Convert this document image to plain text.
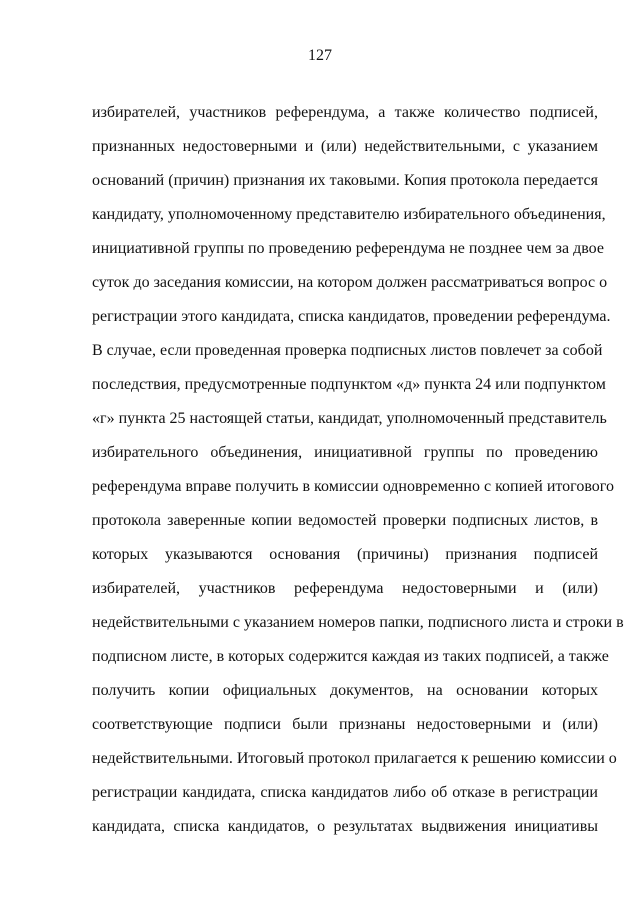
127
избирателей, участников референдума, а также количество подписей,
признанных недостоверными и (или) недействительными, с указанием
оснований (причин) признания их таковыми. Копия протокола передается
кандидату, уполномоченному представителю избирательного объединения,
инициативной группы по проведению референдума не позднее чем за двое
суток до заседания комиссии, на котором должен рассматриваться вопрос о
регистрации этого кандидата, списка кандидатов, проведении референдума.
В случае, если проведенная проверка подписных листов повлечет за собой
последствия, предусмотренные подпунктом «д» пункта 24 или подпунктом
«г» пункта 25 настоящей статьи, кандидат, уполномоченный представитель
избирательного объединения, инициативной группы по проведению
референдума вправе получить в комиссии одновременно с копией итогового
протокола заверенные копии ведомостей проверки подписных листов, в
которых указываются основания (причины) признания подписей
избирателей, участников референдума недостоверными и (или)
недействительными с указанием номеров папки, подписного листа и строки в
подписном листе, в которых содержится каждая из таких подписей, а также
получить копии официальных документов, на основании которых
соответствующие подписи были признаны недостоверными и (или)
недействительными. Итоговый протокол прилагается к решению комиссии о
регистрации кандидата, списка кандидатов либо об отказе в регистрации
кандидата, списка кандидатов, о результатах выдвижения инициативы
